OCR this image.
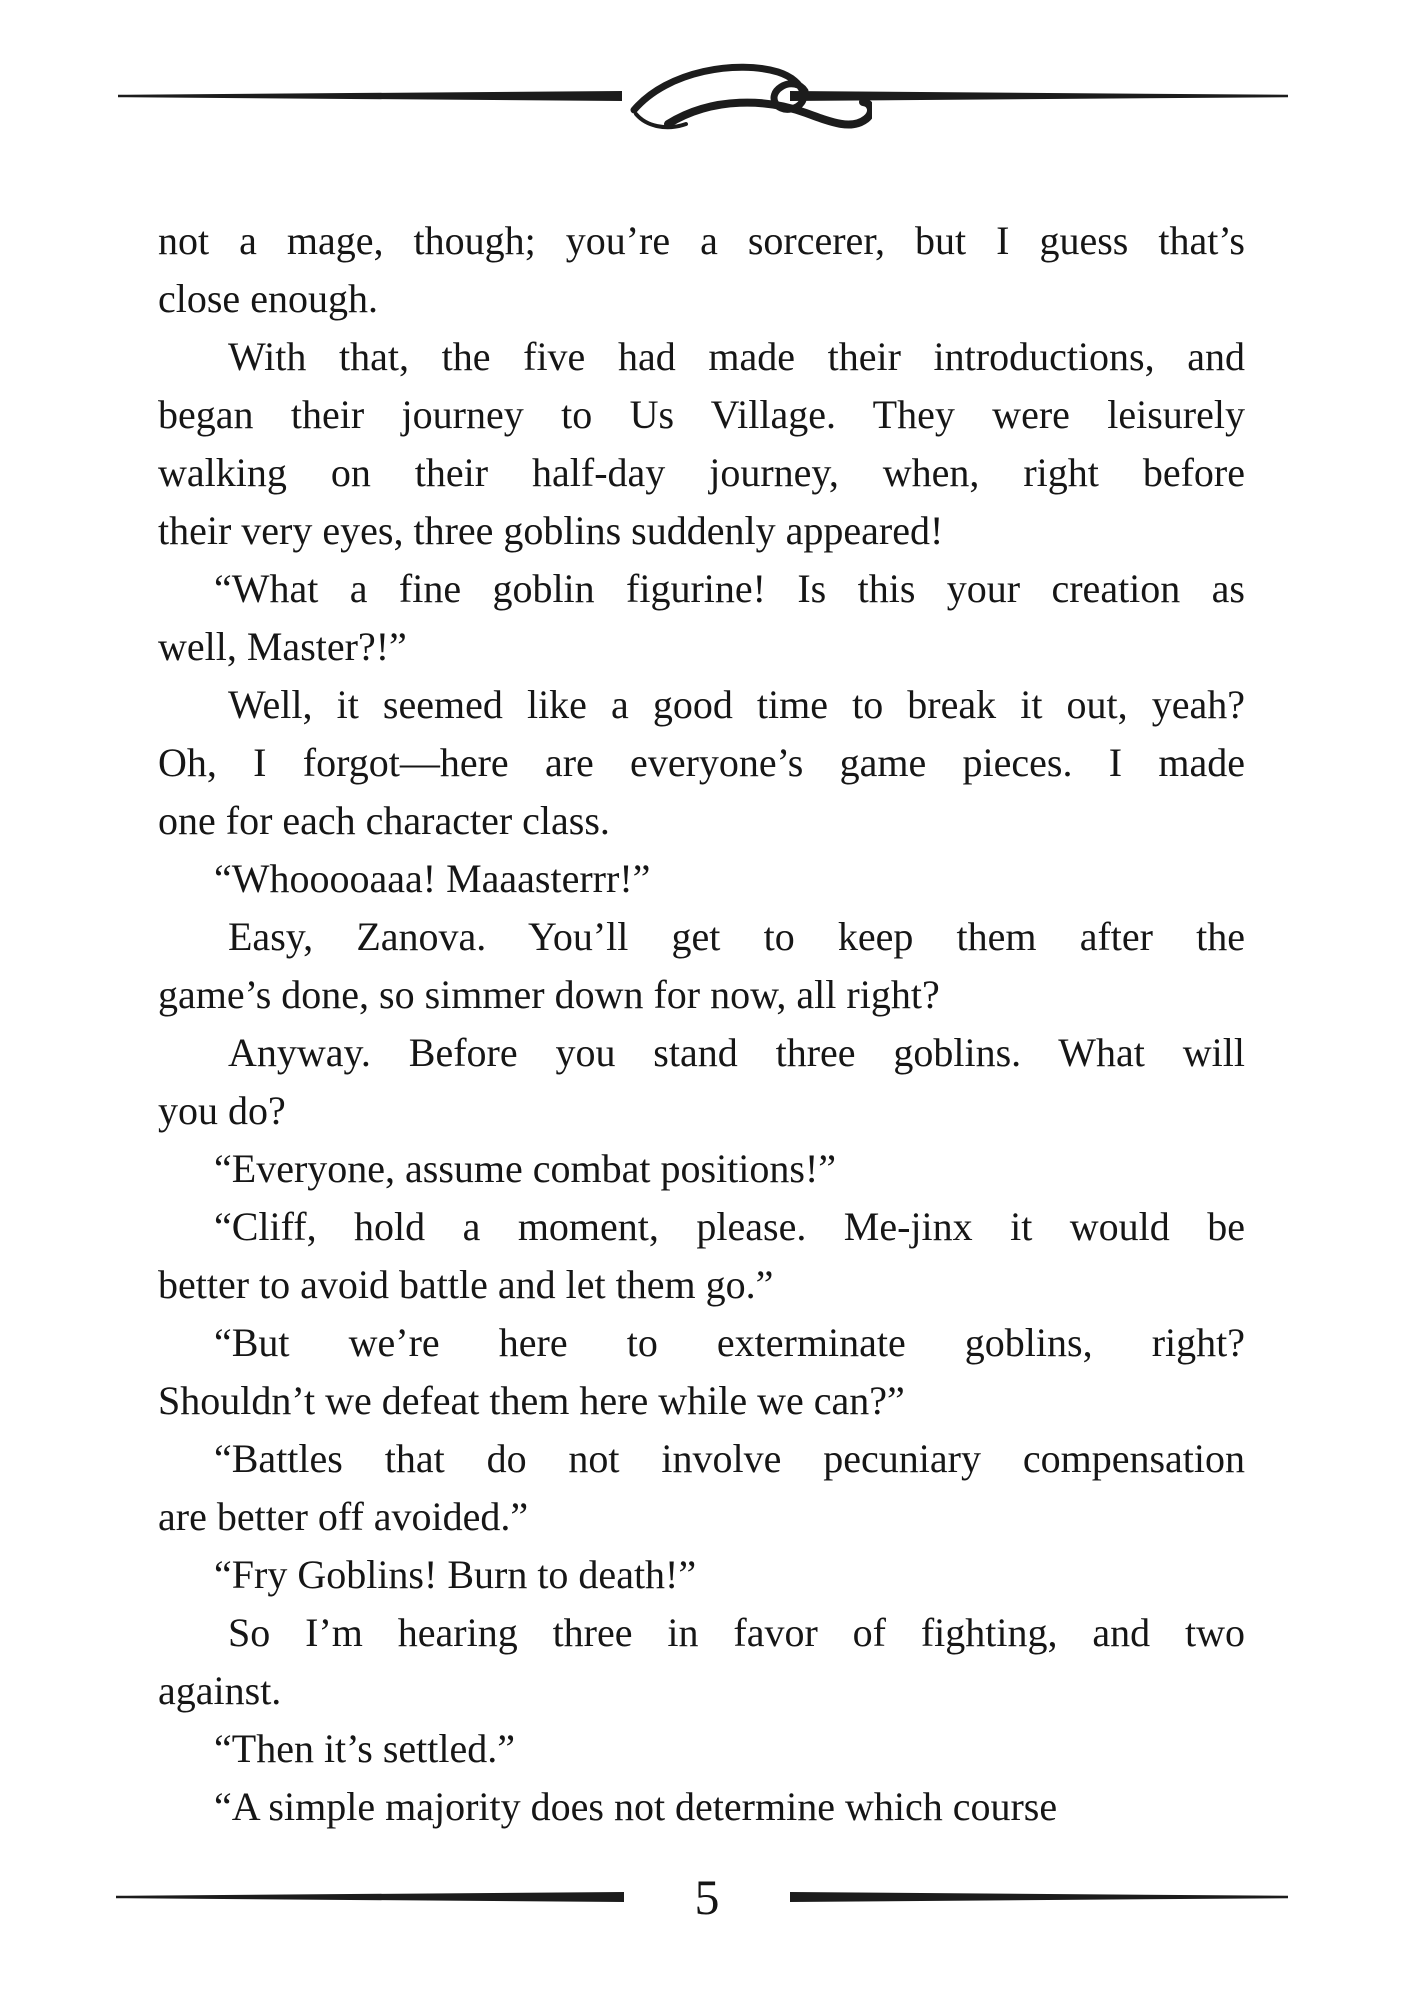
not a mage, though; you’re a sorcerer, but I guess that’s
close enough.
With that, the five had made their introductions, and
began their journey to Us Village. They were leisurely
walking on their half-day journey, when, right before
their very eyes, three goblins suddenly appeared!
“What a fine goblin figurine! Is this your creation as
well, Master?!”
Well, it seemed like a good time to break it out, yeah?
Oh, I forgot—here are everyone’s game pieces. I made
one for each character class.
“Whooooaaa! Maaasterrr!”
Easy, Zanova. You’ll get to keep them after the
game’s done, so simmer down for now, all right?
Anyway. Before you stand three goblins. What will
you do?
“Everyone, assume combat positions!”
“Cliff, hold a moment, please. Me-jinx it would be
better to avoid battle and let them go.”
“But we’re here to exterminate goblins, right?
Shouldn’t we defeat them here while we can?”
“Battles that do not involve pecuniary compensation
are better off avoided.”
“Fry Goblins! Burn to death!”
So I’m hearing three in favor of fighting, and two
against.
“Then it’s settled.”
“A simple majority does not determine which course
5
